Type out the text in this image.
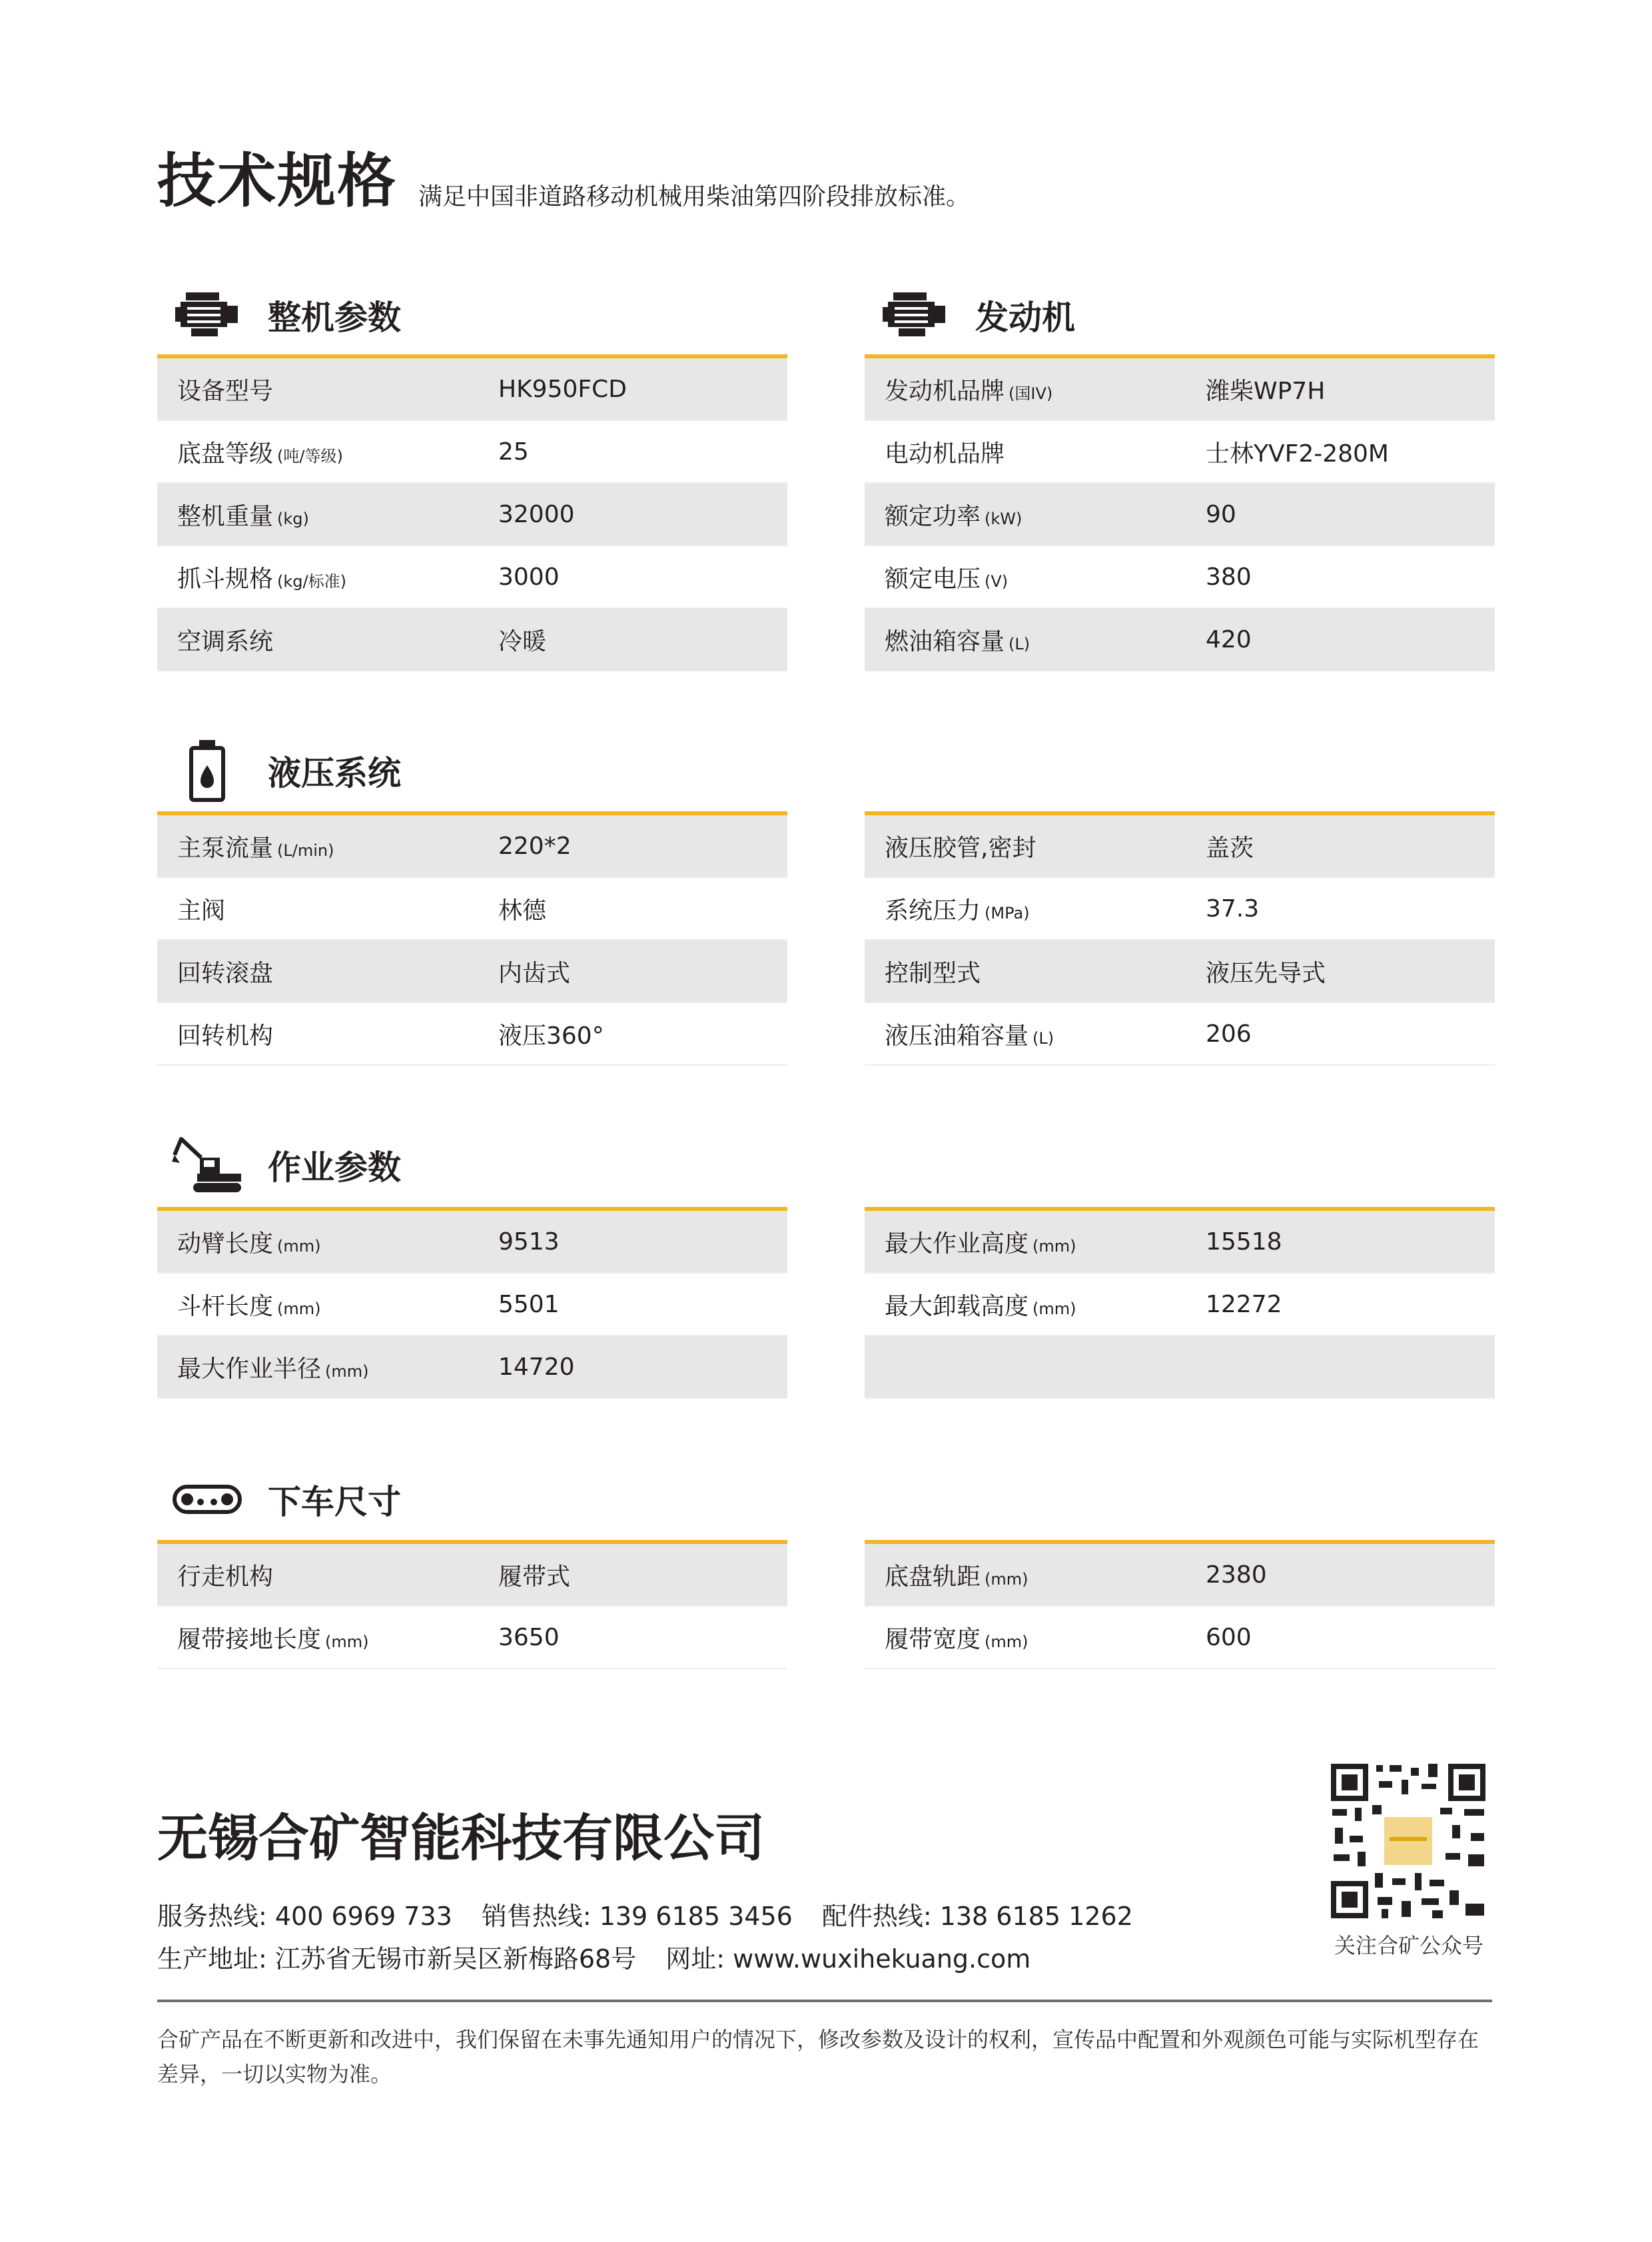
技术规格 满足中国非道路移动机械用柴油第四阶段排放标准。
整机参数
设备型号	HK950FCD
底盘等级 (吨/等级)	25
整机重量 (kg)	32000
抓斗规格 (kg/标准)	3000
空调系统	冷暖
发动机
发动机品牌 (国IV)	潍柴WP7H
电动机品牌	士林YVF2-280M
额定功率 (kW)	90
额定电压 (V)	380
燃油箱容量 (L)	420
液压系统
主泵流量 (L/min)	220*2
主阀	林德
回转滚盘	内齿式
回转机构	液压360°
液压胶管,密封	盖茨
系统压力 (MPa)	37.3
控制型式	液压先导式
液压油箱容量 (L)	206
作业参数
动臂长度 (mm)	9513
斗杆长度 (mm)	5501
最大作业半径 (mm)	14720
最大作业高度 (mm)	15518
最大卸载高度 (mm)	12272
下车尺寸
行走机构	履带式
履带接地长度 (mm)	3650
底盘轨距 (mm)	2380
履带宽度 (mm)	600
无锡合矿智能科技有限公司
服务热线: 400 6969 733 销售热线: 139 6185 3456 配件热线: 138 6185 1262
生产地址: 江苏省无锡市新吴区新梅路68号 网址: www.wuxihekuang.com	关注合矿公众号
合矿产品在不断更新和改进中，我们保留在未事先通知用户的情况下，修改参数及设计的权利，宣传品中配置和外观颜色可能与实际机型存在差异，一切以实物为准。
